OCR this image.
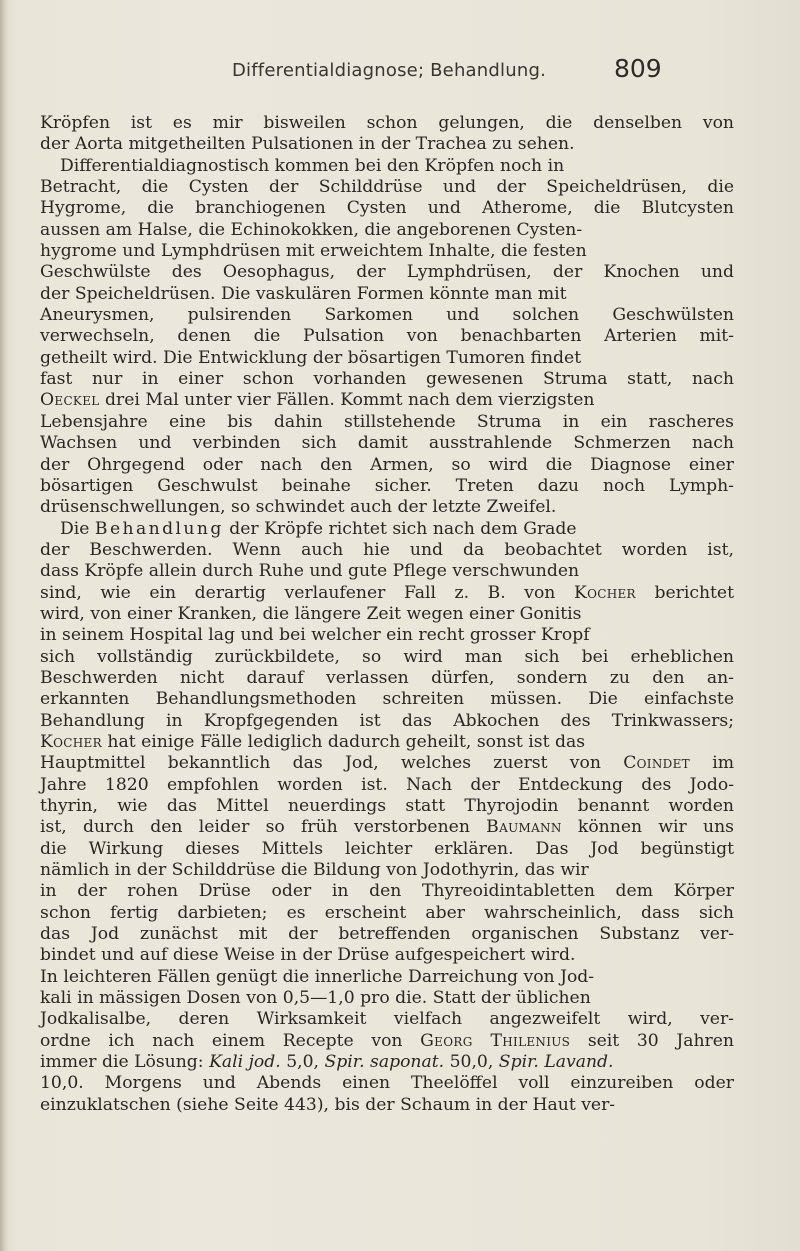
Differentialdiagnose; Behandlung.	809
Kröpfen ist es mir bisweilen schon gelungen, die denselben von
der Aorta mitgetheilten Pulsationen in der Trachea zu sehen.
Differentialdiagnostisch kommen bei den Kröpfen noch in
Betracht, die Cysten der Schilddrüse und der Speicheldrüsen, die
Hygrome, die branchiogenen Cysten und Atherome, die Blutcysten
aussen am Halse, die Echinokokken, die angeborenen Cysten-
hygrome und Lymphdrüsen mit erweichtem Inhalte, die festen
Geschwülste des Oesophagus, der Lymphdrüsen, der Knochen und
der Speicheldrüsen. Die vaskulären Formen könnte man mit
Aneurysmen, pulsirenden Sarkomen und solchen Geschwülsten
verwechseln, denen die Pulsation von benachbarten Arterien mit-
getheilt wird. Die Entwicklung der bösartigen Tumoren findet
fast nur in einer schon vorhanden gewesenen Struma statt, nach
Oeckel drei Mal unter vier Fällen. Kommt nach dem vierzigsten
Lebensjahre eine bis dahin stillstehende Struma in ein rascheres
Wachsen und verbinden sich damit ausstrahlende Schmerzen nach
der Ohrgegend oder nach den Armen, so wird die Diagnose einer
bösartigen Geschwulst beinahe sicher. Treten dazu noch Lymph-
drüsenschwellungen, so schwindet auch der letzte Zweifel.
Die Behandlung der Kröpfe richtet sich nach dem Grade
der Beschwerden. Wenn auch hie und da beobachtet worden ist,
dass Kröpfe allein durch Ruhe und gute Pflege verschwunden
sind, wie ein derartig verlaufener Fall z. B. von Kocher berichtet
wird, von einer Kranken, die längere Zeit wegen einer Gonitis
in seinem Hospital lag und bei welcher ein recht grosser Kropf
sich vollständig zurückbildete, so wird man sich bei erheblichen
Beschwerden nicht darauf verlassen dürfen, sondern zu den an-
erkannten Behandlungsmethoden schreiten müssen. Die einfachste
Behandlung in Kropfgegenden ist das Abkochen des Trinkwassers;
Kocher hat einige Fälle lediglich dadurch geheilt, sonst ist das
Hauptmittel bekanntlich das Jod, welches zuerst von Coindet im
Jahre 1820 empfohlen worden ist. Nach der Entdeckung des Jodo-
thyrin, wie das Mittel neuerdings statt Thyrojodin benannt worden
ist, durch den leider so früh verstorbenen Baumann können wir uns
die Wirkung dieses Mittels leichter erklären. Das Jod begünstigt
nämlich in der Schilddrüse die Bildung von Jodothyrin, das wir
in der rohen Drüse oder in den Thyreoidintabletten dem Körper
schon fertig darbieten; es erscheint aber wahrscheinlich, dass sich
das Jod zunächst mit der betreffenden organischen Substanz ver-
bindet und auf diese Weise in der Drüse aufgespeichert wird.
In leichteren Fällen genügt die innerliche Darreichung von Jod-
kali in mässigen Dosen von 0,5—1,0 pro die. Statt der üblichen
Jodkalisalbe, deren Wirksamkeit vielfach angezweifelt wird, ver-
ordne ich nach einem Recepte von Georg Thilenius seit 30 Jahren
immer die Lösung: Kali jod. 5,0, Spir. saponat. 50,0, Spir. Lavand.
10,0. Morgens und Abends einen Theelöffel voll einzureiben oder
einzuklatschen (siehe Seite 443), bis der Schaum in der Haut ver-
